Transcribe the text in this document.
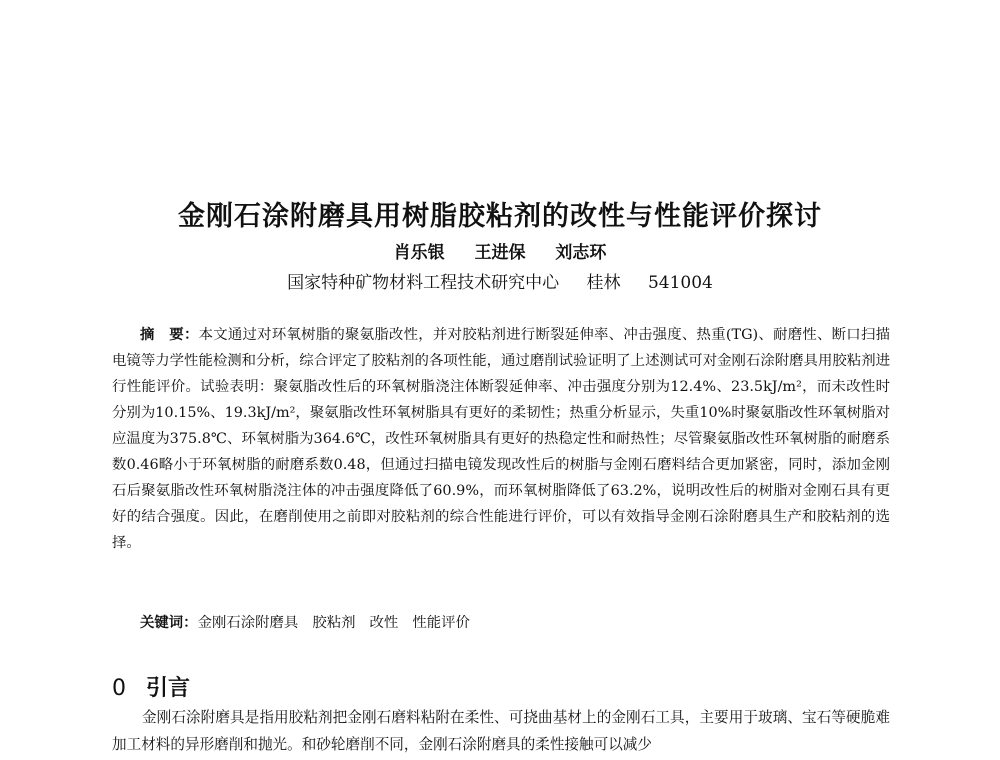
金刚石涂附磨具用树脂胶粘剂的改性与性能评价探讨
肖乐银 王进保 刘志环
国家特种矿物材料工程技术研究中心 桂林 541004

摘　要：本文通过对环氧树脂的聚氨脂改性，并对胶粘剂进行断裂延伸率、冲击强度、热重(TG)、耐磨性、断口扫描电镜等力学性能检测和分析，综合评定了胶粘剂的各项性能，通过磨削试验证明了上述测试可对金刚石涂附磨具用胶粘剂进行性能评价。试验表明：聚氨脂改性后的环氧树脂浇注体断裂延伸率、冲击强度分别为12.4%、23.5kJ/m²，而未改性时分别为10.15%、19.3kJ/m²，聚氨脂改性环氧树脂具有更好的柔韧性；热重分析显示，失重10%时聚氨脂改性环氧树脂对应温度为375.8℃、环氧树脂为364.6℃，改性环氧树脂具有更好的热稳定性和耐热性；尽管聚氨脂改性环氧树脂的耐磨系数0.46略小于环氧树脂的耐磨系数0.48，但通过扫描电镜发现改性后的树脂与金刚石磨料结合更加紧密，同时，添加金刚石后聚氨脂改性环氧树脂浇注体的冲击强度降低了60.9%，而环氧树脂降低了63.2%，说明改性后的树脂对金刚石具有更好的结合强度。因此，在磨削使用之前即对胶粘剂的综合性能进行评价，可以有效指导金刚石涂附磨具生产和胶粘剂的选择。

关键词：金刚石涂附磨具 胶粘剂 改性 性能评价
0 引言

金刚石涂附磨具是指用胶粘剂把金刚石磨料粘附在柔性、可挠曲基材上的金刚石工具，主要用于玻璃、宝石等硬脆难加工材料的异形磨削和抛光。和砂轮磨削不同，金刚石涂附磨具的柔性接触可以减少
